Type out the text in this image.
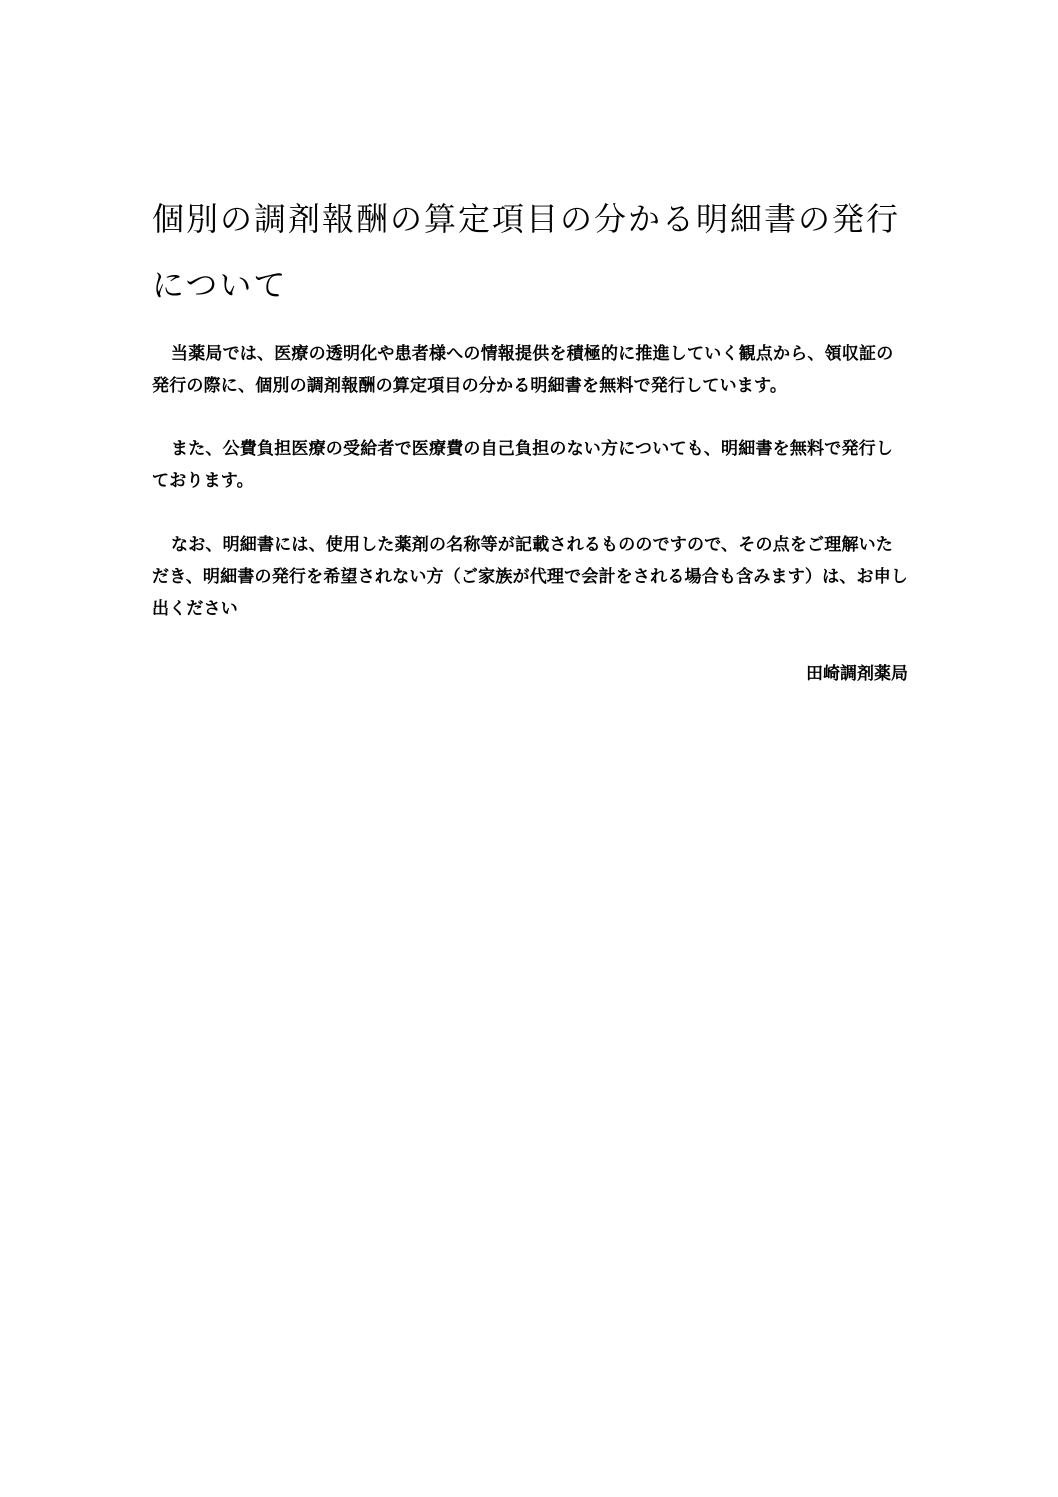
個別の調剤報酬の算定項目の分かる明細書の発行について

当薬局では、医療の透明化や患者様への情報提供を積極的に推進していく観点から、領収証の発行の際に、個別の調剤報酬の算定項目の分かる明細書を無料で発行しています。

また、公費負担医療の受給者で医療費の自己負担のない方についても、明細書を無料で発行しております。

なお、明細書には、使用した薬剤の名称等が記載されるもののですので、その点をご理解いただき、明細書の発行を希望されない方（ご家族が代理で会計をされる場合も含みます）は、お申し出ください

田崎調剤薬局
